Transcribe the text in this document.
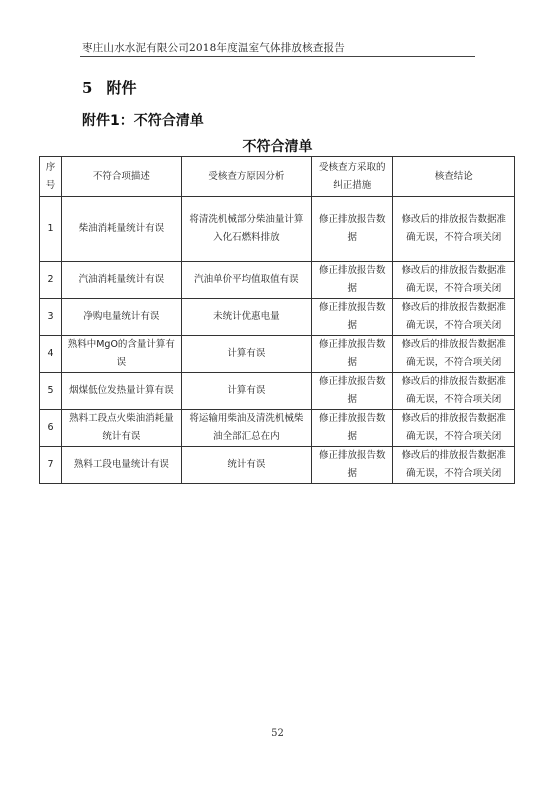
枣庄山水水泥有限公司2018年度温室气体排放核查报告
5 附件
附件1：不符合清单
不符合清单
序号	不符合项描述	受核查方原因分析	受核查方采取的纠正措施	核查结论
1	柴油消耗量统计有误	将清洗机械部分柴油量计算入化石燃料排放	修正排放报告数据	修改后的排放报告数据准确无误，不符合项关闭
2	汽油消耗量统计有误	汽油单价平均值取值有误	修正排放报告数据	修改后的排放报告数据准确无误，不符合项关闭
3	净购电量统计有误	未统计优惠电量	修正排放报告数据	修改后的排放报告数据准确无误，不符合项关闭
4	熟料中MgO的含量计算有误	计算有误	修正排放报告数据	修改后的排放报告数据准确无误，不符合项关闭
5	烟煤低位发热量计算有误	计算有误	修正排放报告数据	修改后的排放报告数据准确无误，不符合项关闭
6	熟料工段点火柴油消耗量统计有误	将运输用柴油及清洗机械柴油全部汇总在内	修正排放报告数据	修改后的排放报告数据准确无误，不符合项关闭
7	熟料工段电量统计有误	统计有误	修正排放报告数据	修改后的排放报告数据准确无误，不符合项关闭
52
